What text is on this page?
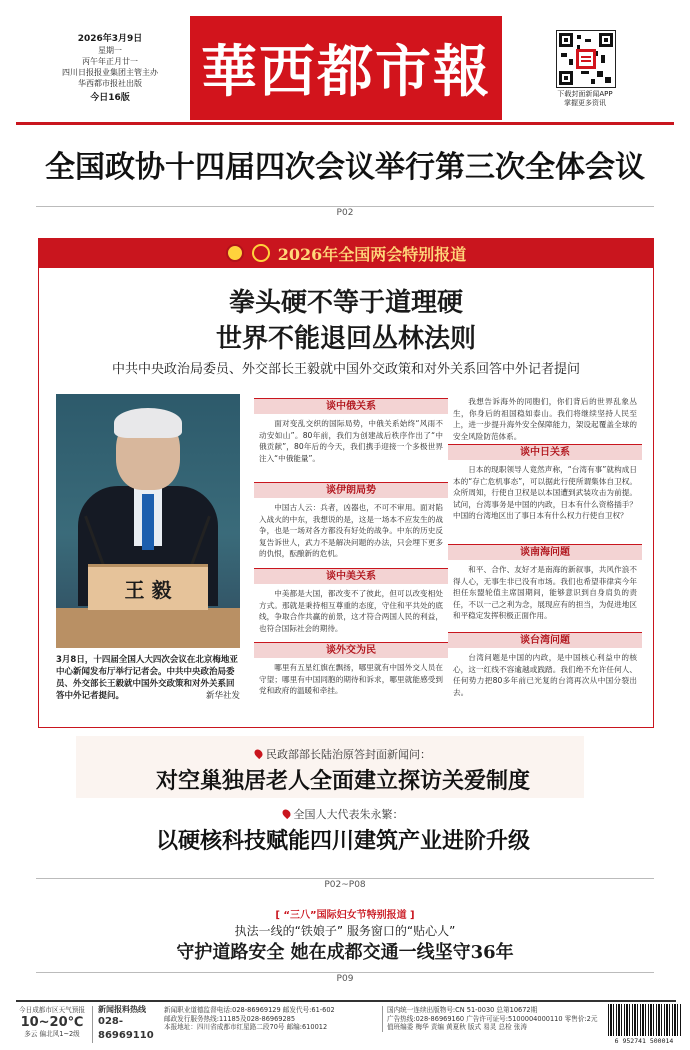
2026年3月9日
星期一
丙午年正月廿一
四川日报报业集团主管主办
华西都市报社出版
今日16版	華西都市報	下载封面新闻APP
掌握更多资讯
全国政协十四届四次会议举行第三次全体会议
P02
2026年全国两会特别报道
拳头硬不等于道理硬
世界不能退回丛林法则
中共中央政治局委员、外交部长王毅就中国外交政策和对外关系回答中外记者提问
王 毅
3月8日，十四届全国人大四次会议在北京梅地亚中心新闻发布厅举行记者会。中共中央政治局委员、外交部长王毅就中国外交政策和对外关系回答中外记者提问。	新华社发
谈中俄关系
面对变乱交织的国际局势，中俄关系始终“风雨不动安如山”。80年前，我们为创建战后秩序作出了“中俄贡献”，80年后的今天，我们携手迎接一个多极世界注入“中俄能量”。
谈伊朗局势
中国古人云：兵者，凶器也，不可不审用。面对陷入战火的中东，我想说的是，这是一场本不应发生的战争，也是一场对各方都没有好处的战争。中东的历史反复告诉世人，武力不是解决问题的办法，只会埋下更多的仇恨，酝酿新的危机。
谈中美关系
中美都是大国，都改变不了彼此，但可以改变相处方式。那就是秉持相互尊重的态度，守住和平共处的底线，争取合作共赢的前景，这才符合两国人民的利益，也符合国际社会的期待。
谈外交为民
哪里有五星红旗在飘扬，哪里就有中国外交人员在守望；哪里有中国同胞的期待和诉求，哪里就能感受到党和政府的温暖和牵挂。
我想告诉海外的同胞们，你们背后的世界乱象丛生，你身后的祖国稳如泰山。我们将继续坚持人民至上，进一步提升海外安全保障能力，架设起覆盖全球的安全风险防范体系。
谈中日关系
日本的现职领导人竟然声称，“台湾有事”就构成日本的“存亡危机事态”，可以据此行使所谓集体自卫权。众所周知，行使自卫权是以本国遭到武装攻击为前提。试问，台湾事务是中国的内政，日本有什么资格插手？中国的台湾地区出了事日本有什么权力行使自卫权？
谈南海问题
和平、合作、友好才是南海的新叙事，共风作浪不得人心，无事生非已没有市场。我们也希望菲律宾今年担任东盟轮值主席国期间，能够意识到自身肩负的责任，不以一己之利为念，展现应有的担当，为促进地区和平稳定发挥积极正面作用。
谈台湾问题
台湾问题是中国的内政，是中国核心利益中的核心，这一红线不容逾越或践踏。我们绝不允许任何人、任何势力把80多年前已光复的台湾再次从中国分裂出去。
民政部部长陆治原答封面新闻问：
对空巢独居老人全面建立探访关爱制度
全国人大代表朱永繁：
以硬核科技赋能四川建筑产业进阶升级
P02~P08
[ “三八”国际妇女节特别报道 ]
执法一线的“铁娘子” 服务窗口的“贴心人”
守护道路安全 她在成都交通一线坚守36年
P09
今日成都市区天气预报
10~20℃
多云 偏北风1~2级
新闻报料热线
028-86969110
新闻职业道德监督电话:028-86969129 邮发代号:61-602
邮政发行服务热线:11185及028-86969285
本报地址：四川省成都市红星路二段70号 邮编:610012
国内统一连续出版物号:CN 51-0030 总第10672期
广告热线:028-86969160 广告许可证号:5100004000110 零售价:2元
值班编委 梅华 责编 黄夏秋 版式 易灵 总检 张涛
6 952741 500014
